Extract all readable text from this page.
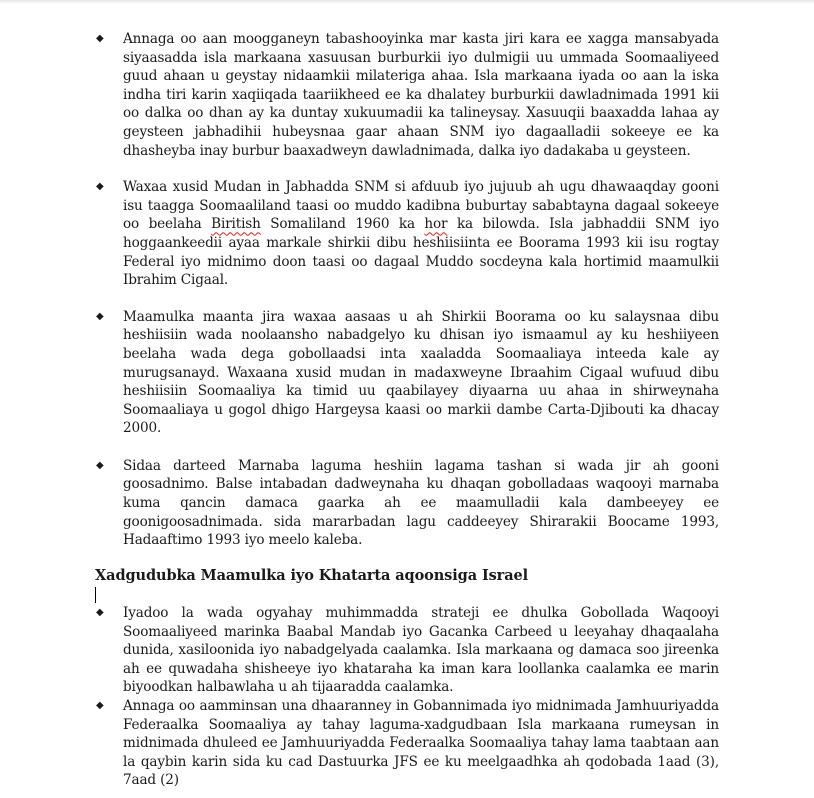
◆ Annaga oo aan moogganeyn tabashooyinka mar kasta jiri kara ee xagga mansabyada siyaasadda isla markaana xasuusan burburkii iyo dulmigii uu ummada Soomaaliyeed guud ahaan u geystay nidaamkii milateriga ahaa. Isla markaana iyada oo aan la iska indha tiri karin xaqiiqada taariikheed ee ka dhalatey burburkii dawladnimada 1991 kii oo dalka oo dhan ay ka duntay xukuumadii ka talineysay. Xasuuqii baaxadda lahaa ay geysteen jabhadihii hubeysnaa gaar ahaan SNM iyo dagaalladii sokeeye ee ka dhasheyba inay burbur baaxadweyn dawladnimada, dalka iyo dadakaba u geysteen.
◆ Waxaa xusid Mudan in Jabhadda SNM si afduub iyo jujuub ah ugu dhawaaqday gooni isu taagga Soomaaliland taasi oo muddo kadibna buburtay sababtayna dagaal sokeeye oo beelaha Biritish Somaliland 1960 ka hor ka bilowda. Isla jabhaddii SNM iyo hoggaankeedii ayaa markale shirkii dibu heshiisiinta ee Boorama 1993 kii isu rogtay Federal iyo midnimo doon taasi oo dagaal Muddo socdeyna kala hortimid maamulkii Ibrahim Cigaal.
◆ Maamulka maanta jira waxaa aasaas u ah Shirkii Boorama oo ku salaysnaa dibu heshiisiin wada noolaansho nabadgelyo ku dhisan iyo ismaamul ay ku heshiiyeen beelaha wada dega gobollaadsi inta xaaladda Soomaaliaya inteeda kale ay murugsanayd. Waxaana xusid mudan in madaxweyne Ibraahim Cigaal wufuud dibu heshiisiin Soomaaliya ka timid uu qaabilayey diyaarna uu ahaa in shirweynaha Soomaaliaya u gogol dhigo Hargeysa kaasi oo markii dambe Carta-Djibouti ka dhacay 2000.
◆ Sidaa darteed Marnaba laguma heshiin lagama tashan si wada jir ah gooni goosadnimo. Balse intabadan dadweynaha ku dhaqan gobolladaas waqooyi marnaba kuma qancin damaca gaarka ah ee maamulladii kala dambeeyey ee goonigoosadnimada. sida mararbadan lagu caddeeyey Shirarakii Boocame 1993, Hadaaftimo 1993 iyo meelo kaleba.
Xadgudubka Maamulka iyo Khatarta aqoonsiga Israel
◆ Iyadoo la wada ogyahay muhimmadda strateji ee dhulka Gobollada Waqooyi Soomaaliyeed marinka Baabal Mandab iyo Gacanka Carbeed u leeyahay dhaqaalaha dunida, xasiloonida iyo nabadgelyada caalamka. Isla markaana og damaca soo jireenka ah ee quwadaha shisheeye iyo khataraha ka iman kara loollanka caalamka ee marin biyoodkan halbawlaha u ah tijaaradda caalamka.
◆ Annaga oo aamminsan una dhaaranney in Gobannimada iyo midnimada Jamhuuriyadda Federaalka Soomaaliya ay tahay laguma-xadgudbaan Isla markaana rumeysan in midnimada dhuleed ee Jamhuuriyadda Federaalka Soomaaliya tahay lama taabtaan aan la qaybin karin sida ku cad Dastuurka JFS ee ku meelgaadhka ah qodobada 1aad (3), 7aad (2)
